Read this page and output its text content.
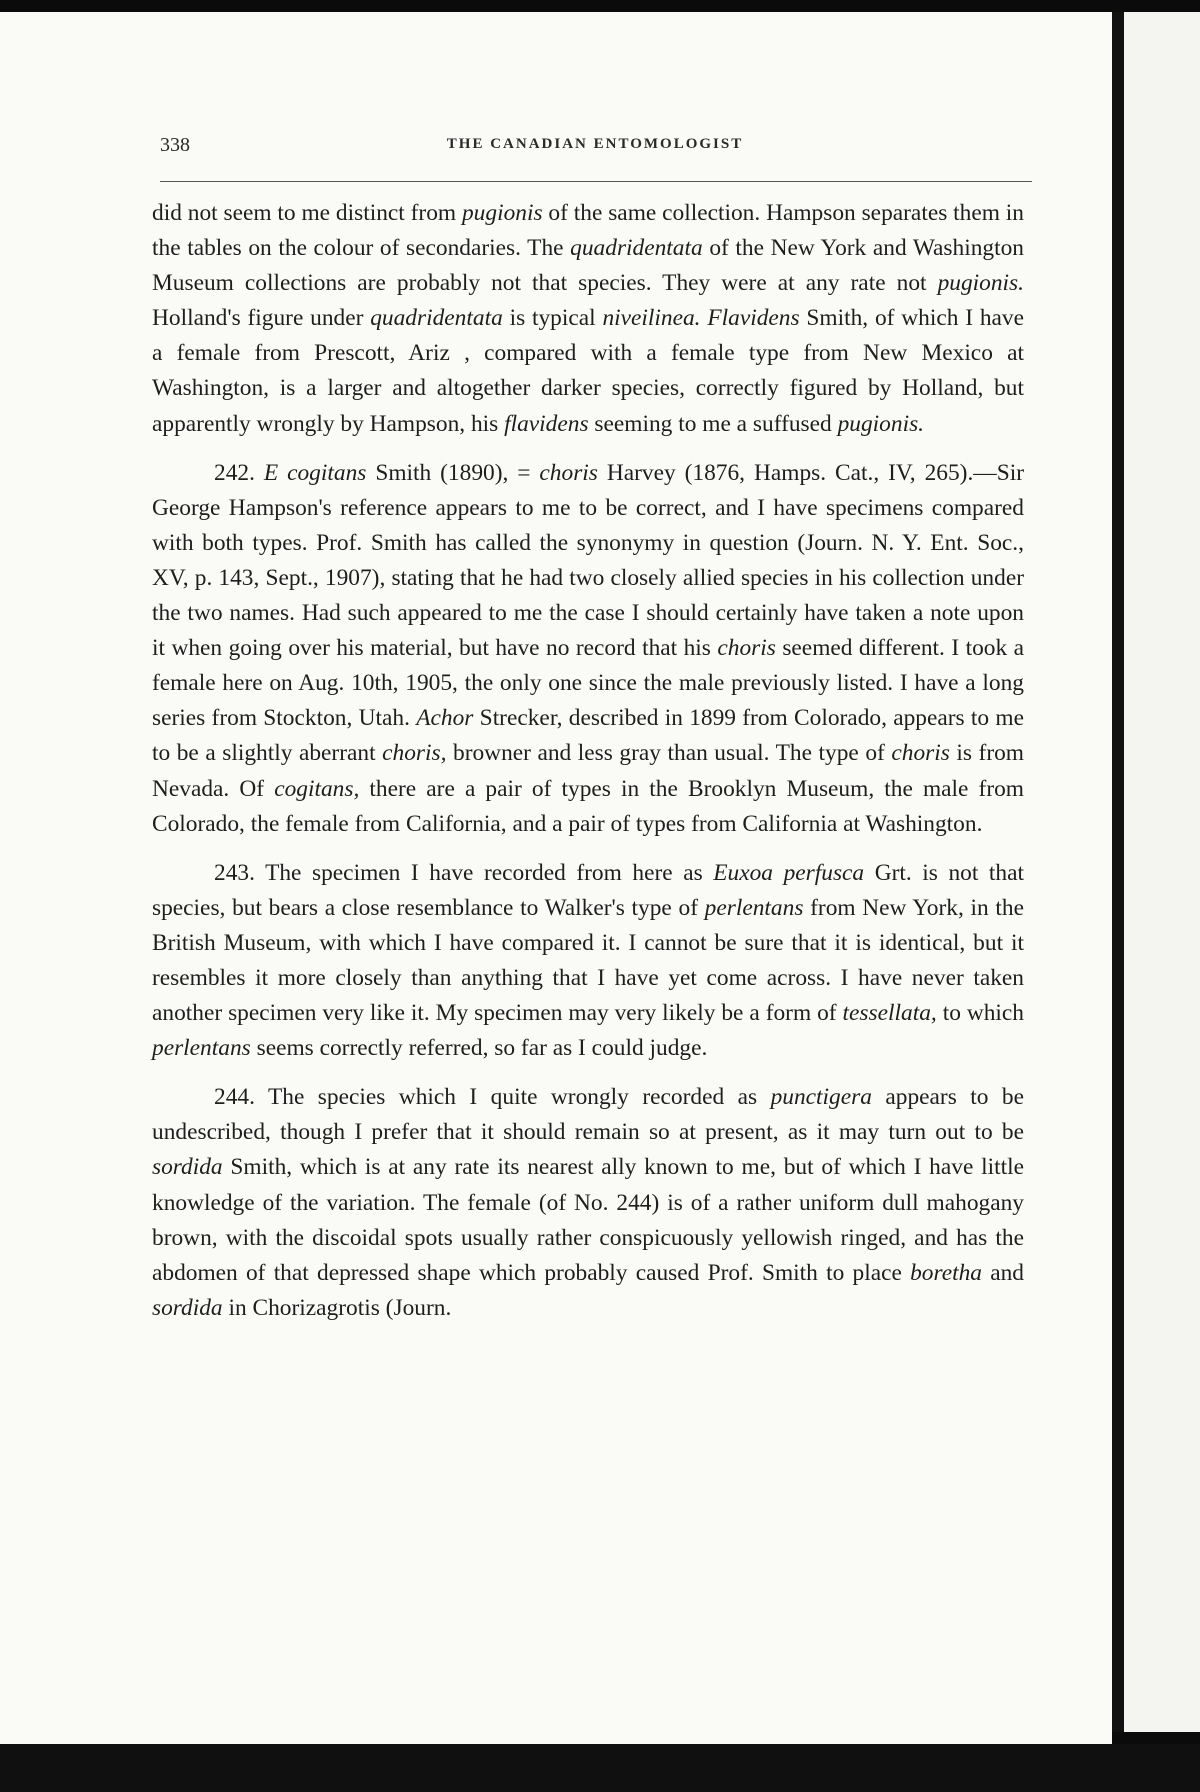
338	THE CANADIAN ENTOMOLOGIST

did not seem to me distinct from pugionis of the same collection. Hampson separates them in the tables on the colour of secondaries. The quadridentata of the New York and Washington Museum collections are probably not that species. They were at any rate not pugionis. Holland's figure under quadridentata is typical niveilinea. Flavidens Smith, of which I have a female from Prescott, Ariz , compared with a female type from New Mexico at Washington, is a larger and altogether darker species, correctly figured by Holland, but apparently wrongly by Hampson, his flavidens seeming to me a suffused pugionis.

242. E cogitans Smith (1890), = choris Harvey (1876, Hamps. Cat., IV, 265).—Sir George Hampson's reference appears to me to be correct, and I have specimens compared with both types. Prof. Smith has called the synonymy in question (Journ. N. Y. Ent. Soc., XV, p. 143, Sept., 1907), stating that he had two closely allied species in his collection under the two names. Had such appeared to me the case I should certainly have taken a note upon it when going over his material, but have no record that his choris seemed different. I took a female here on Aug. 10th, 1905, the only one since the male previously listed. I have a long series from Stockton, Utah. Achor Strecker, described in 1899 from Colorado, appears to me to be a slightly aberrant choris, browner and less gray than usual. The type of choris is from Nevada. Of cogitans, there are a pair of types in the Brooklyn Museum, the male from Colorado, the female from California, and a pair of types from California at Washington.

243. The specimen I have recorded from here as Euxoa perfusca Grt. is not that species, but bears a close resemblance to Walker's type of perlentans from New York, in the British Museum, with which I have compared it. I cannot be sure that it is identical, but it resembles it more closely than anything that I have yet come across. I have never taken another specimen very like it. My specimen may very likely be a form of tessellata, to which perlentans seems correctly referred, so far as I could judge.

244. The species which I quite wrongly recorded as punctigera appears to be undescribed, though I prefer that it should remain so at present, as it may turn out to be sordida Smith, which is at any rate its nearest ally known to me, but of which I have little knowledge of the variation. The female (of No. 244) is of a rather uniform dull mahogany brown, with the discoidal spots usually rather conspicuously yellowish ringed, and has the abdomen of that depressed shape which probably caused Prof. Smith to place boretha and sordida in Chorizagrotis (Journ.
